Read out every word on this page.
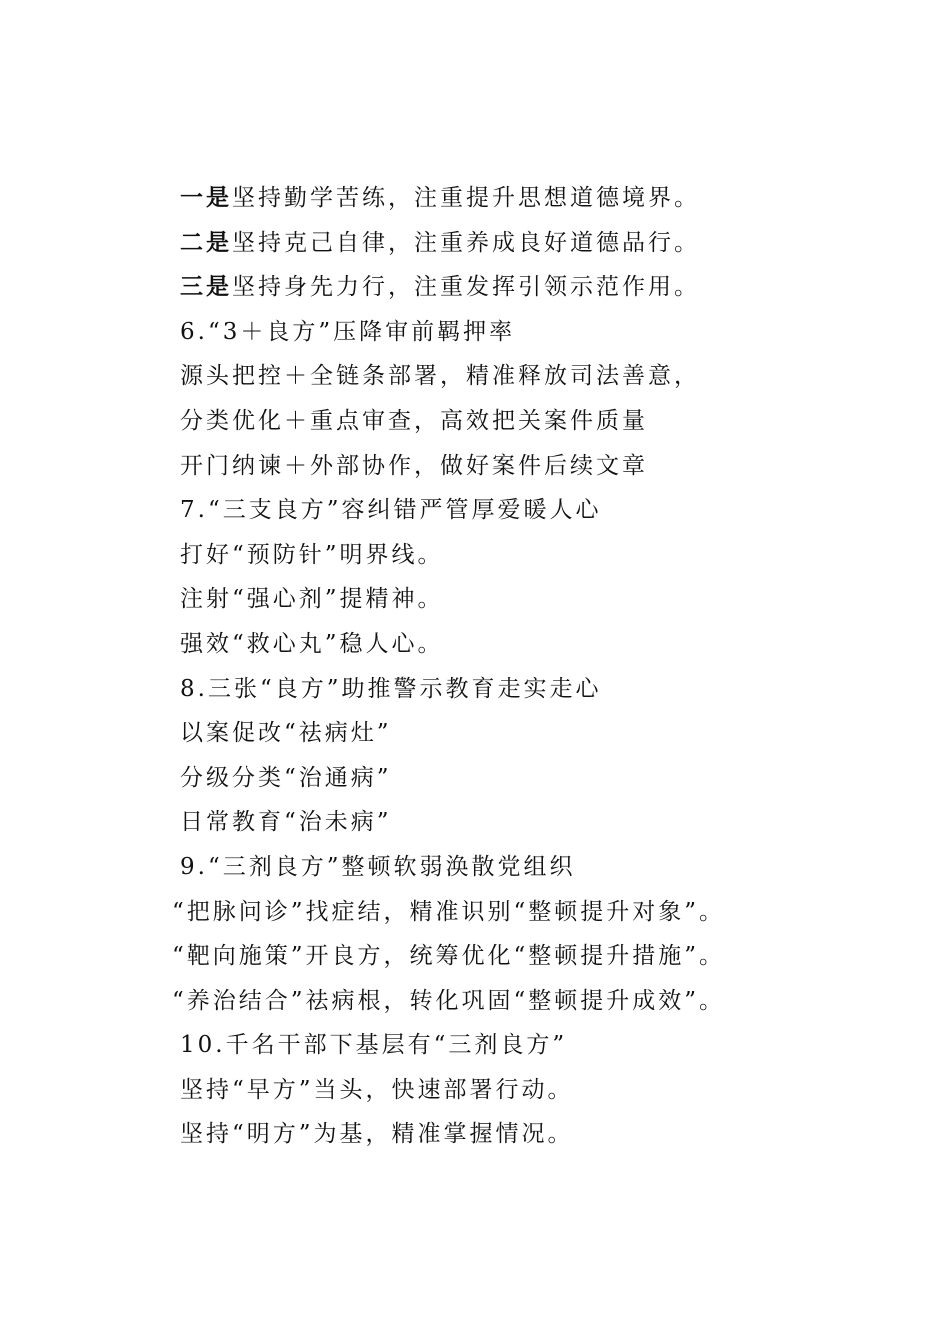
一是坚持勤学苦练，注重提升思想道德境界。
二是坚持克己自律，注重养成良好道德品行。
三是坚持身先力行，注重发挥引领示范作用。
6.“3＋良方”压降审前羁押率
源头把控＋全链条部署，精准释放司法善意，
分类优化＋重点审查，高效把关案件质量
开门纳谏＋外部协作，做好案件后续文章
7.“三支良方”容纠错严管厚爱暖人心
打好“预防针”明界线。
注射“强心剂”提精神。
强效“救心丸”稳人心。
8.三张“良方”助推警示教育走实走心
以案促改“祛病灶”
分级分类“治通病”
日常教育“治未病”
9.“三剂良方”整顿软弱涣散党组织
“把脉问诊”找症结，精准识别“整顿提升对象”。
“靶向施策”开良方，统筹优化“整顿提升措施”。
“养治结合”祛病根，转化巩固“整顿提升成效”。
10.千名干部下基层有“三剂良方”
坚持“早方”当头，快速部署行动。
坚持“明方”为基，精准掌握情况。
